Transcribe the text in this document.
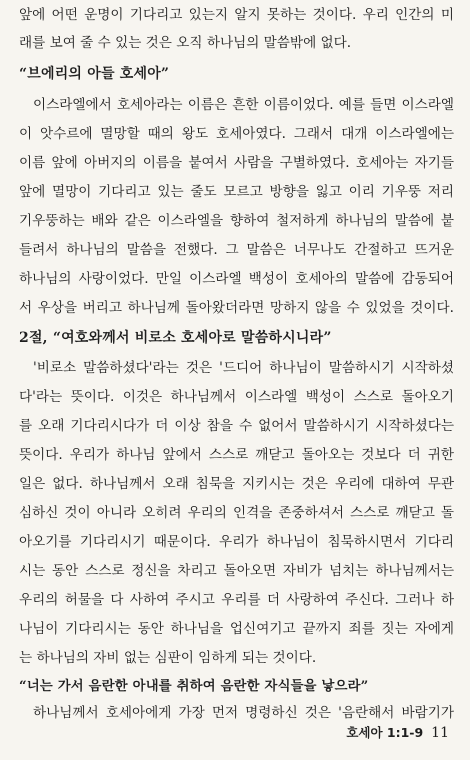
앞에 어떤 운명이 기다리고 있는지 알지 못하는 것이다. 우리 인간의 미
래를 보여 줄 수 있는 것은 오직 하나님의 말씀밖에 없다.
“브에리의 아들 호세아”
이스라엘에서 호세아라는 이름은 흔한 이름이었다. 예를 들면 이스라엘
이 앗수르에 멸망할 때의 왕도 호세아였다. 그래서 대개 이스라엘에는
이름 앞에 아버지의 이름을 붙여서 사람을 구별하였다. 호세아는 자기들
앞에 멸망이 기다리고 있는 줄도 모르고 방향을 잃고 이리 기우뚱 저리
기우뚱하는 배와 같은 이스라엘을 향하여 철저하게 하나님의 말씀에 붙
들려서 하나님의 말씀을 전했다. 그 말씀은 너무나도 간절하고 뜨거운
하나님의 사랑이었다. 만일 이스라엘 백성이 호세아의 말씀에 감동되어
서 우상을 버리고 하나님께 돌아왔더라면 망하지 않을 수 있었을 것이다.
2절, “여호와께서 비로소 호세아로 말씀하시니라”
'비로소 말씀하셨다'라는 것은 '드디어 하나님이 말씀하시기 시작하셨
다'라는 뜻이다. 이것은 하나님께서 이스라엘 백성이 스스로 돌아오기
를 오래 기다리시다가 더 이상 참을 수 없어서 말씀하시기 시작하셨다는
뜻이다. 우리가 하나님 앞에서 스스로 깨닫고 돌아오는 것보다 더 귀한
일은 없다. 하나님께서 오래 침묵을 지키시는 것은 우리에 대하여 무관
심하신 것이 아니라 오히려 우리의 인격을 존중하셔서 스스로 깨닫고 돌
아오기를 기다리시기 때문이다. 우리가 하나님이 침묵하시면서 기다리
시는 동안 스스로 정신을 차리고 돌아오면 자비가 넘치는 하나님께서는
우리의 허물을 다 사하여 주시고 우리를 더 사랑하여 주신다. 그러나 하
나님이 기다리시는 동안 하나님을 업신여기고 끝까지 죄를 짓는 자에게
는 하나님의 자비 없는 심판이 임하게 되는 것이다.
“너는 가서 음란한 아내를 취하여 음란한 자식들을 낳으라”
하나님께서 호세아에게 가장 먼저 명령하신 것은 '음란해서 바람기가
호세아 1:1-9 11
